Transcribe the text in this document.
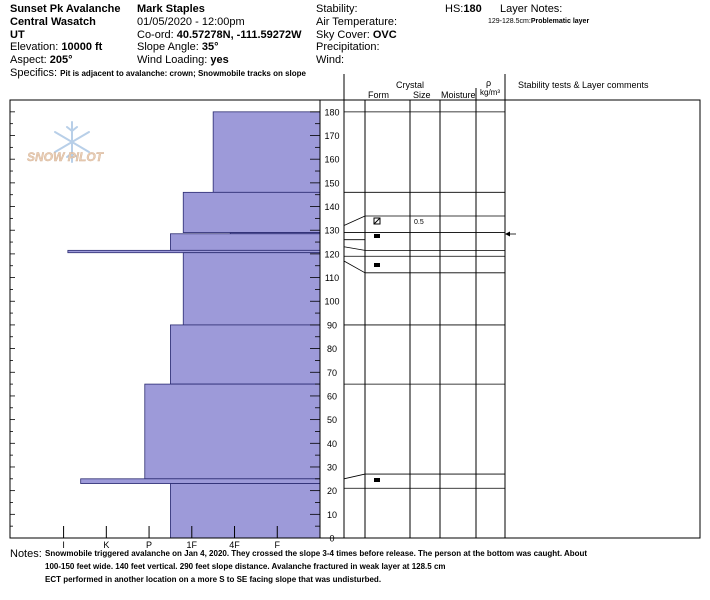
Sunset Pk Avalanche
Central Wasatch
UT
Elevation: 10000 ft
Aspect: 205°
Specifics: Pit is adjacent to avalanche: crown; Snowmobile tracks on slope
Mark Staples
01/05/2020 - 12:00pm
Co-ord: 40.57278N, -111.59272W
Slope Angle: 35°
Wind Loading: yes
Stability:
Air Temperature:
Sky Cover: OVC
Precipitation:
Wind:
HS:180 Layer Notes:
129-128.5cm:Problematic layer
Crystal
Form	Size Moisture
ρ
kg/m³
Stability tests & Layer comments
Notes: Snowmobile triggered avalanche on Jan 4, 2020. They crossed the slope 3-4 times before release. The person at the bottom was caught. About
100-150 feet wide. 140 feet vertical. 290 feet slope distance. Avalanche fractured in weak layer at 128.5 cm
ECT performed in another location on a more S to SE facing slope that was undisturbed.
I	K	P	1F	4F	F
SNOW PILOT
0
10
20
30
40
50
60
70
80
90
100
110
120
130
140
150
160
170
180
0.5
